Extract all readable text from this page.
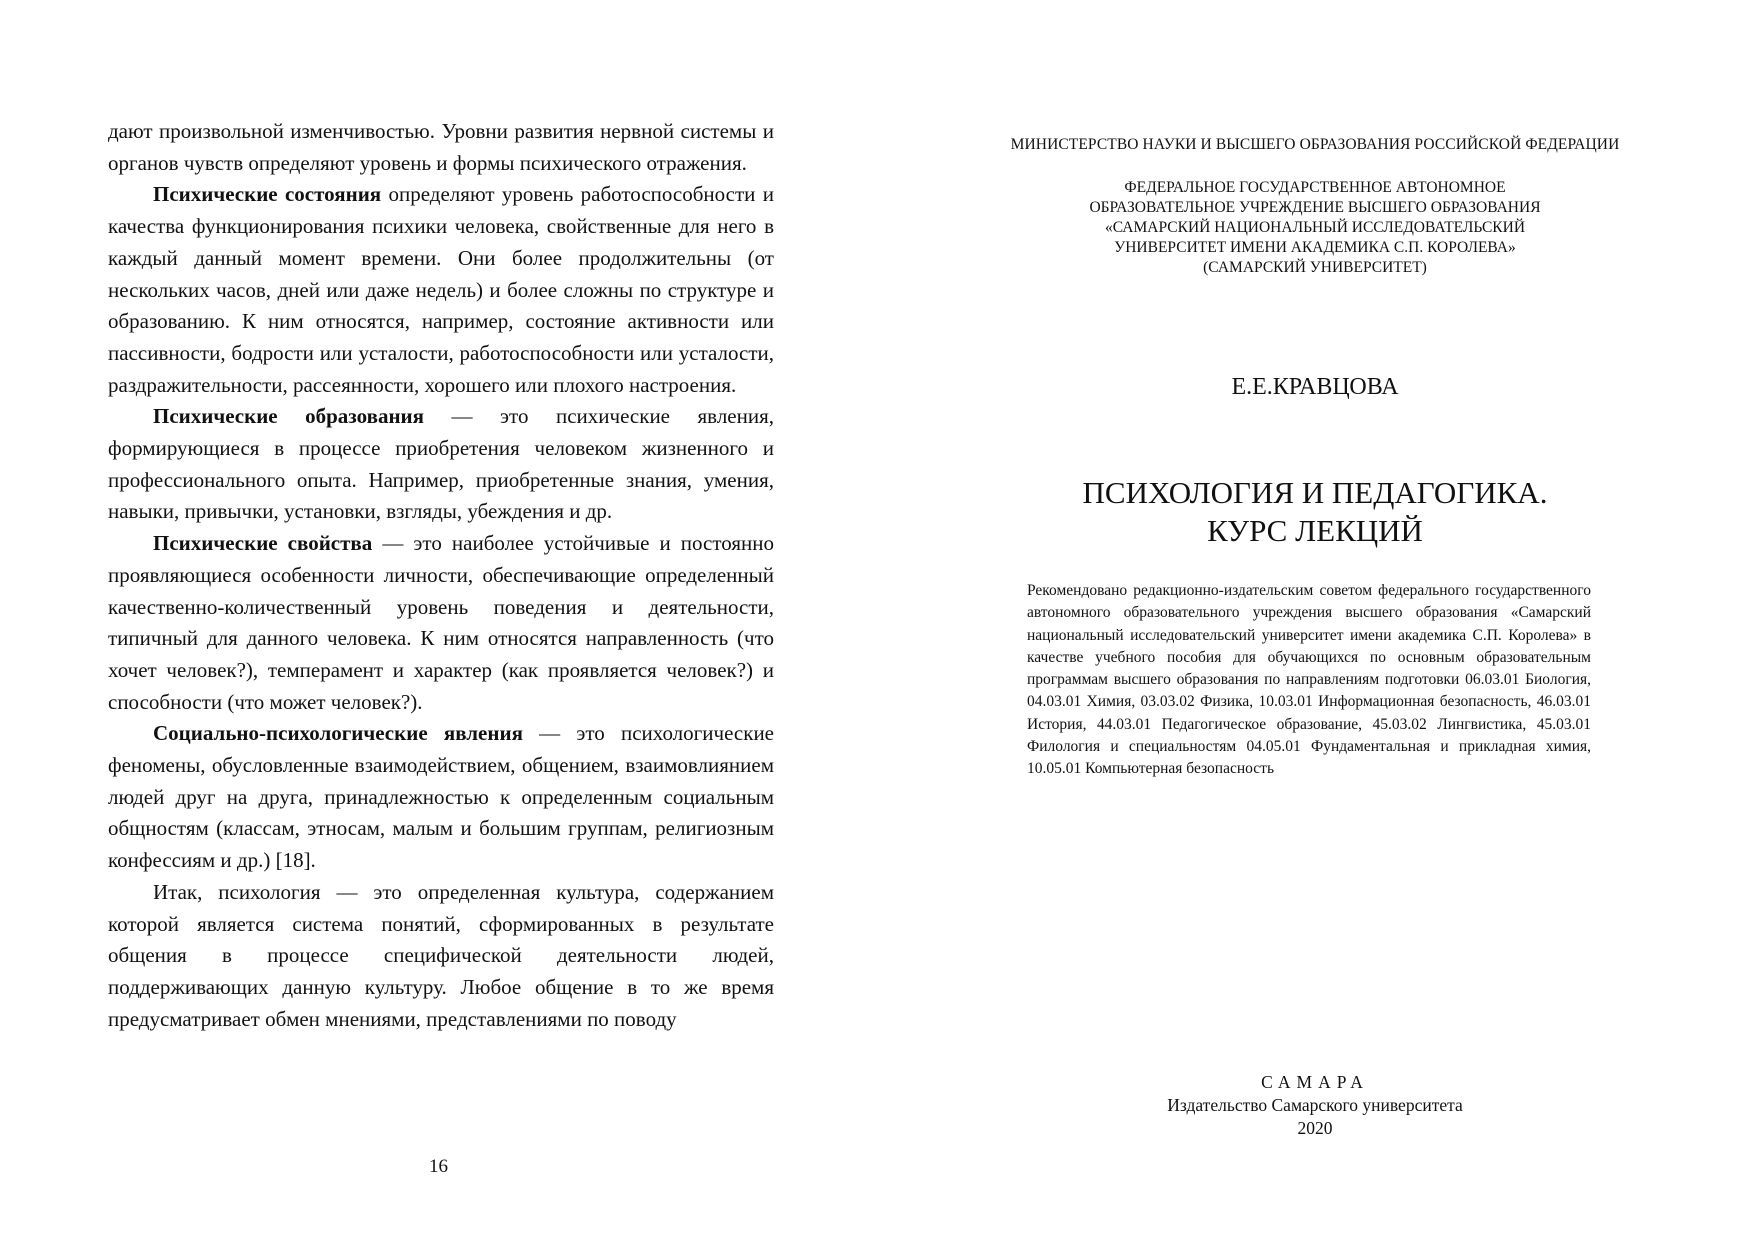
дают произвольной изменчивостью. Уровни развития нервной системы и органов чувств определяют уровень и формы психического отражения.

Психические состояния определяют уровень работоспособности и качества функционирования психики человека, свойственные для него в каждый данный момент времени. Они более продолжительны (от нескольких часов, дней или даже недель) и более сложны по структуре и образованию. К ним относятся, например, состояние активности или пассивности, бодрости или усталости, работоспособности или усталости, раздражительности, рассеянности, хорошего или плохого настроения.

Психические образования — это психические явления, формирующиеся в процессе приобретения человеком жизненного и профессионального опыта. Например, приобретенные знания, умения, навыки, привычки, установки, взгляды, убеждения и др.

Психические свойства — это наиболее устойчивые и постоянно проявляющиеся особенности личности, обеспечивающие определенный качественно-количественный уровень поведения и деятельности, типичный для данного человека. К ним относятся направленность (что хочет человек?), темперамент и характер (как проявляется человек?) и способности (что может человек?).

Социально-психологические явления — это психологические феномены, обусловленные взаимодействием, общением, взаимовлиянием людей друг на друга, принадлежностью к определенным социальным общностям (классам, этносам, малым и большим группам, религиозным конфессиям и др.) [18].

Итак, психология — это определенная культура, содержанием которой является система понятий, сформированных в результате общения в процессе специфической деятельности людей, поддерживающих данную культуру. Любое общение в то же время предусматривает обмен мнениями, представлениями по поводу

16
МИНИСТЕРСТВО НАУКИ И ВЫСШЕГО ОБРАЗОВАНИЯ РОССИЙСКОЙ ФЕДЕРАЦИИ
ФЕДЕРАЛЬНОЕ ГОСУДАРСТВЕННОЕ АВТОНОМНОЕ
ОБРАЗОВАТЕЛЬНОЕ УЧРЕЖДЕНИЕ ВЫСШЕГО ОБРАЗОВАНИЯ
«САМАРСКИЙ НАЦИОНАЛЬНЫЙ ИССЛЕДОВАТЕЛЬСКИЙ
УНИВЕРСИТЕТ ИМЕНИ АКАДЕМИКА С.П. КОРОЛЕВА»
(САМАРСКИЙ УНИВЕРСИТЕТ)
Е.Е.КРАВЦОВА
ПСИХОЛОГИЯ И ПЕДАГОГИКА.
КУРС ЛЕКЦИЙ
Рекомендовано редакционно-издательским советом федерального государственного автономного образовательного учреждения высшего образования «Самарский национальный исследовательский университет имени академика С.П. Королева» в качестве учебного пособия для обучающихся по основным образовательным программам высшего образования по направлениям подготовки 06.03.01 Биология, 04.03.01 Химия, 03.03.02 Физика, 10.03.01 Информационная безопасность, 46.03.01 История, 44.03.01 Педагогическое образование, 45.03.02 Лингвистика, 45.03.01 Филология и специальностям 04.05.01 Фундаментальная и прикладная химия, 10.05.01 Компьютерная безопасность
САМАРА
Издательство Самарского университета
2020
